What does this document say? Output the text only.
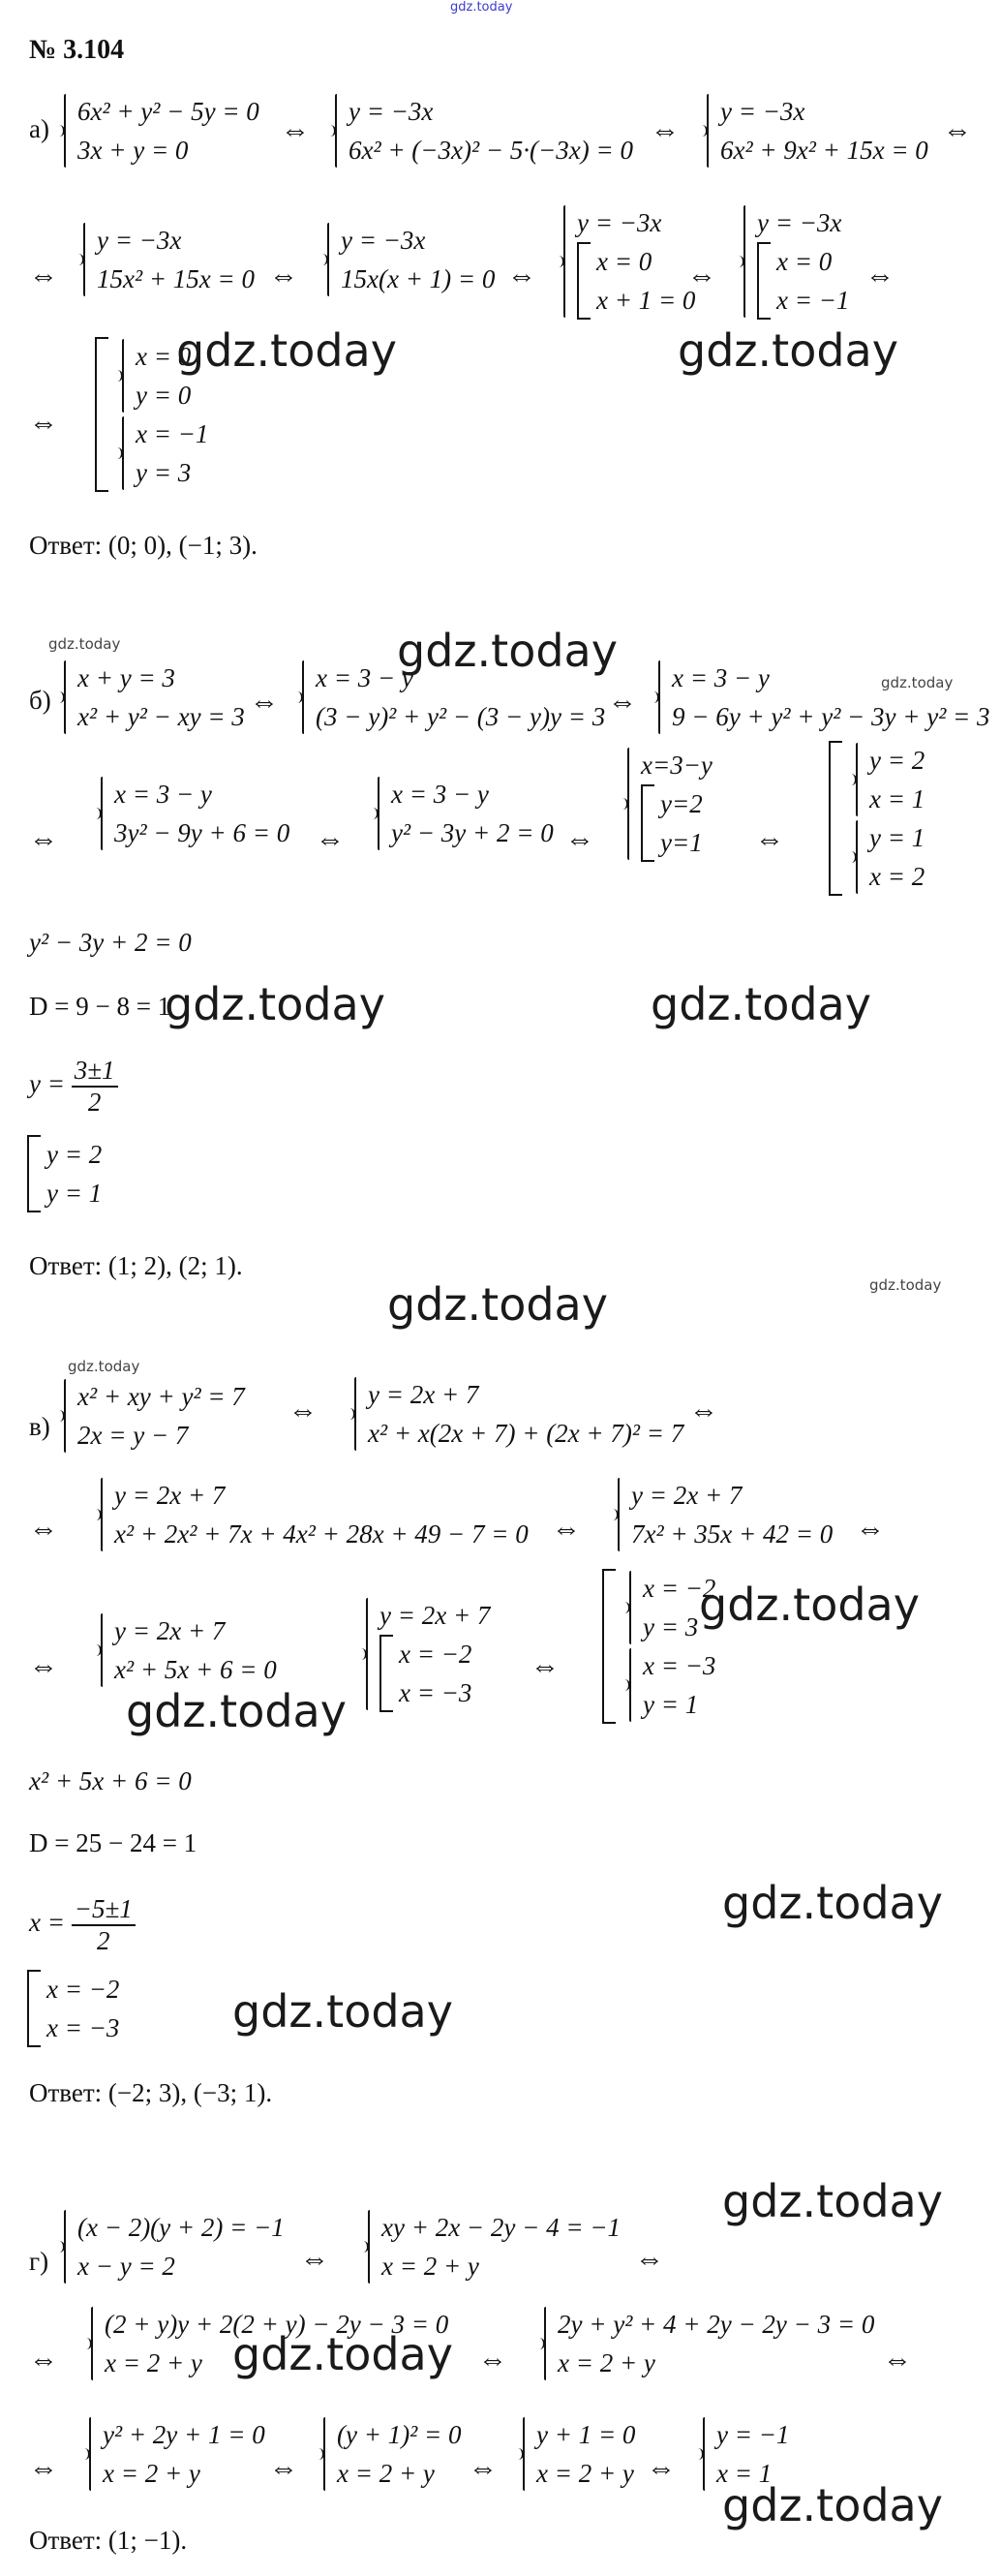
gdz.today
№ 3.104
а)
6x² + y² − 5y = 0
3x + y = 0
⇔
y = −3x
6x² + (−3x)² − 5·(−3x) = 0
⇔
y = −3x
6x² + 9x² + 15x = 0
⇔
⇔
y = −3x
15x² + 15x = 0 ⇔
y = −3x
15x(x + 1) = 0 ⇔
y = −3x
x = 0
x + 1 = 0
⇔
y = −3x
x = 0
x = −1
⇔
⇔
x = 0
y = 0
x = −1
y = 3
Ответ: (0; 0), (−1; 3).
б)
x + y = 3
x² + y² − xy = 3 ⇔
x = 3 − y
(3 − y)² + y² − (3 − y)y = 3 ⇔
x = 3 − y
9 − 6y + y² + y² − 3y + y² = 3
⇔
x = 3 − y
3y² − 9y + 6 = 0 ⇔
x = 3 − y
y² − 3y + 2 = 0 ⇔
x=3−y
y=2
y=1 ⇔
y = 2
x = 1
y = 1
x = 2
y² − 3y + 2 = 0
D = 9 − 8 = 1
$y = \frac{3\pm 1}{2}$
y = 2
y = 1
Ответ: (1; 2), (2; 1).
в)
x² + xy + y² = 7
2x = y − 7
⇔ y = 2x + 7
x² + x(2x + 7) + (2x + 7)² = 7
⇔
⇔
y = 2x + 7
x² + 2x² + 7x + 4x² + 28x + 49 − 7 = 0 ⇔
y = 2x + 7
7x² + 35x + 42 = 0 ⇔
⇔
y = 2x + 7
x² + 5x + 6 = 0
y = 2x + 7
x = −2
x = −3
⇔
x = −2
y = 3
x = −3
y = 1
x² + 5x + 6 = 0
D = 25 − 24 = 1
$x = \frac{-5\pm 1}{2}$
x = −2
x = −3
Ответ: (−2; 3), (−3; 1).
г)
(x − 2)(y + 2) = −1
x − y = 2	⇔
xy + 2x − 2y − 4 = −1
x = 2 + y	⇔
⇔
(2 + y)y + 2(2 + y) − 2y − 3 = 0
x = 2 + y	⇔
2y + y² + 4 + 2y − 2y − 3 = 0
x = 2 + y	⇔
⇔
y² + 2y + 1 = 0
x = 2 + y	⇔
(y + 1)² = 0
x = 2 + y	⇔
y + 1 = 0
x = 2 + y ⇔
y = −1
x = 1
Ответ: (1; −1).
gdz.today	gdz.today
gdz.today	gdz.today
gdz.today
gdz.today	gdz.today
gdz.today
gdz.today
gdz.today
gdz.today
gdz.today
gdz.today
gdz.today
gdz.today
gdz.today
gdz.today
